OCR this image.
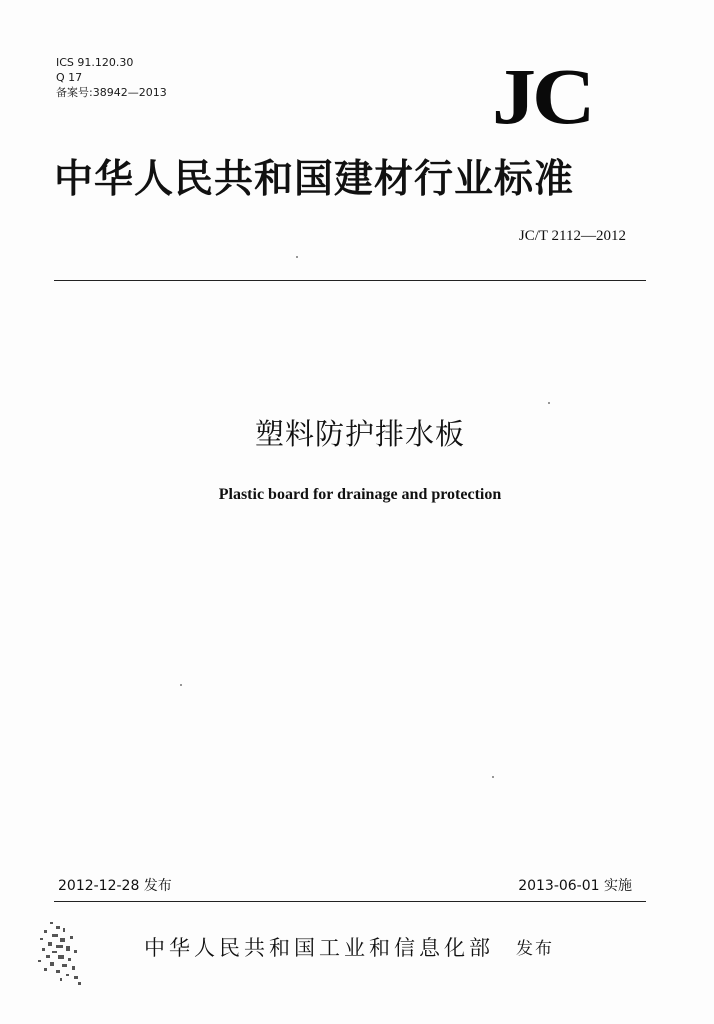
ICS 91.120.30
Q 17
备案号:38942—2013	JC
中华人民共和国建材行业标准
JC/T 2112—2012
塑料防护排水板
Plastic board for drainage and protection
2012-12-28 发布	2013-06-01 实施
中华人民共和国工业和信息化部 发布
